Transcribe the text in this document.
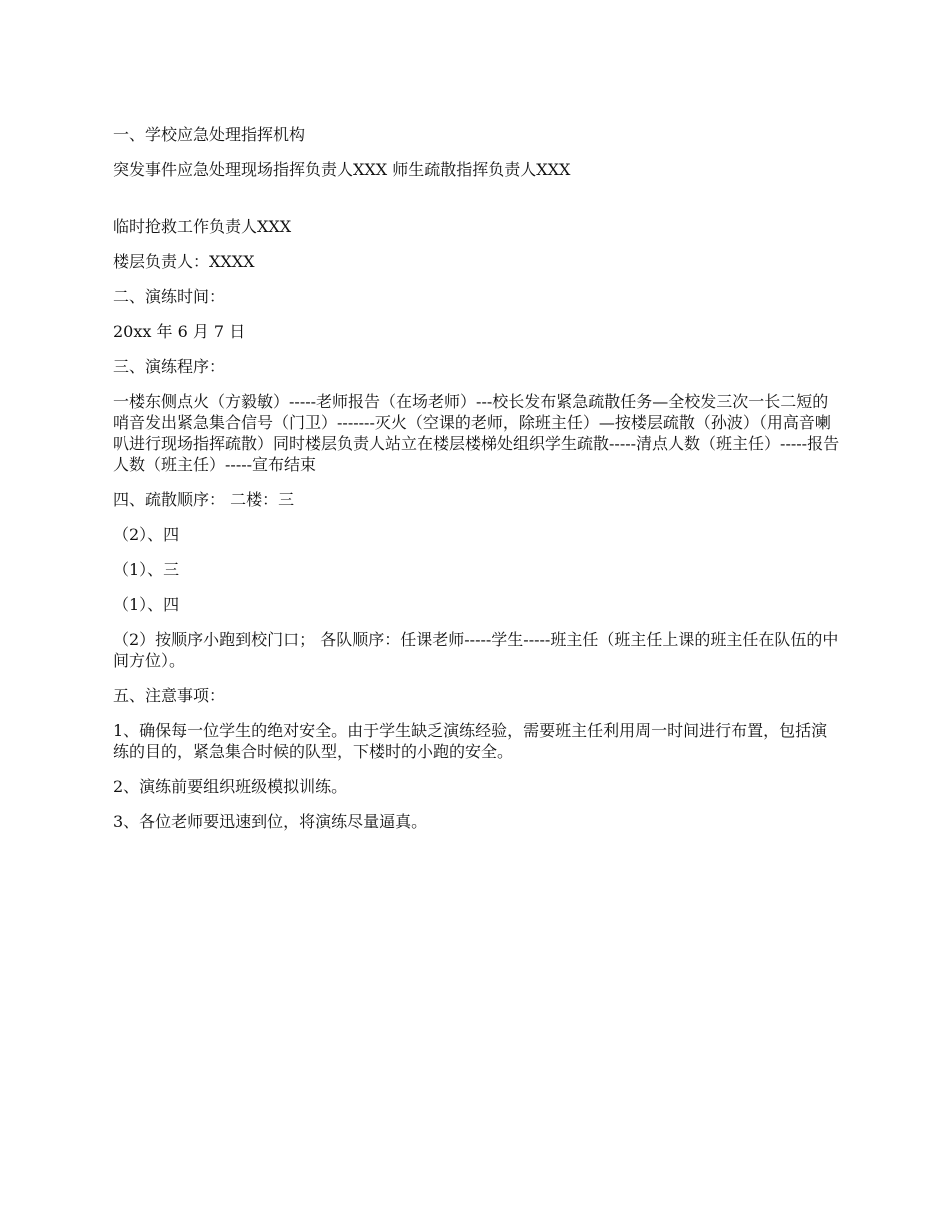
一、学校应急处理指挥机构

突发事件应急处理现场指挥负责人XXX 师生疏散指挥负责人XXX

临时抢救工作负责人XXX

楼层负责人：XXXX

二、演练时间：

20xx 年 6 月 7 日

三、演练程序：

一楼东侧点火（方毅敏）-----老师报告（在场老师）---校长发布紧急疏散任务—全校发三次一长二短的哨音发出紧急集合信号（门卫）-------灭火（空课的老师，除班主任）—按楼层疏散（孙波）（用高音喇叭进行现场指挥疏散）同时楼层负责人站立在楼层楼梯处组织学生疏散-----清点人数（班主任）-----报告人数（班主任）-----宣布结束

四、疏散顺序： 二楼：三

（2）、四

（1）、三

（1）、四

（2）按顺序小跑到校门口； 各队顺序：任课老师-----学生-----班主任（班主任上课的班主任在队伍的中间方位）。

五、注意事项：

1、确保每一位学生的绝对安全。由于学生缺乏演练经验，需要班主任利用周一时间进行布置，包括演练的目的，紧急集合时候的队型，下楼时的小跑的安全。

2、演练前要组织班级模拟训练。

3、各位老师要迅速到位，将演练尽量逼真。
